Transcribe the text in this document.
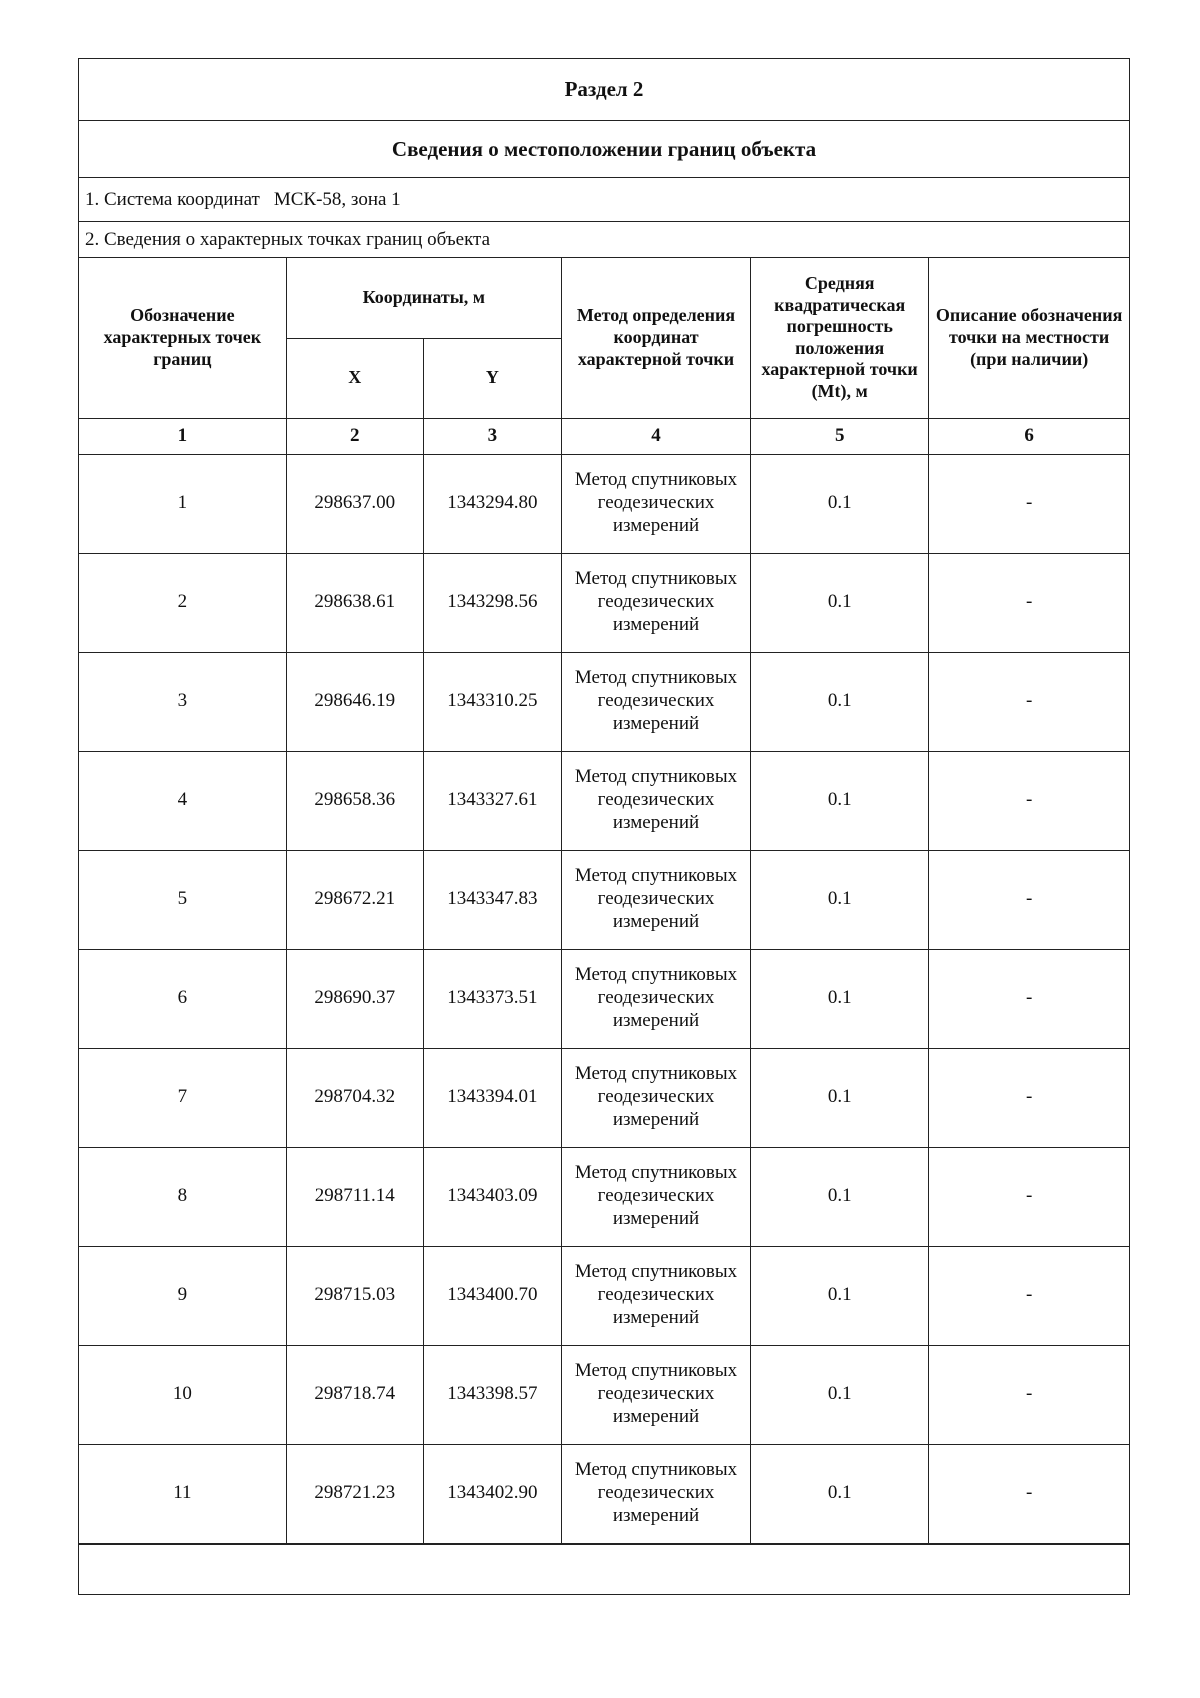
Раздел 2
Сведения о местоположении границ объекта
1. Система координат МСК-58, зона 1
2. Сведения о характерных точках границ объекта
Обозначение характерных точек границ	Координаты, м		Метод определения координат характерной точки	Средняя квадратическая погрешность положения характерной точки (Mt), м	Описание обозначения точки на местности (при наличии)
	X	Y			
1	2	3	4	5	6
1	298637.00	1343294.80	Метод спутниковых геодезических измерений	0.1	-
2	298638.61	1343298.56	Метод спутниковых геодезических измерений	0.1	-
3	298646.19	1343310.25	Метод спутниковых геодезических измерений	0.1	-
4	298658.36	1343327.61	Метод спутниковых геодезических измерений	0.1	-
5	298672.21	1343347.83	Метод спутниковых геодезических измерений	0.1	-
6	298690.37	1343373.51	Метод спутниковых геодезических измерений	0.1	-
7	298704.32	1343394.01	Метод спутниковых геодезических измерений	0.1	-
8	298711.14	1343403.09	Метод спутниковых геодезических измерений	0.1	-
9	298715.03	1343400.70	Метод спутниковых геодезических измерений	0.1	-
10	298718.74	1343398.57	Метод спутниковых геодезических измерений	0.1	-
11	298721.23	1343402.90	Метод спутниковых геодезических измерений	0.1	-
